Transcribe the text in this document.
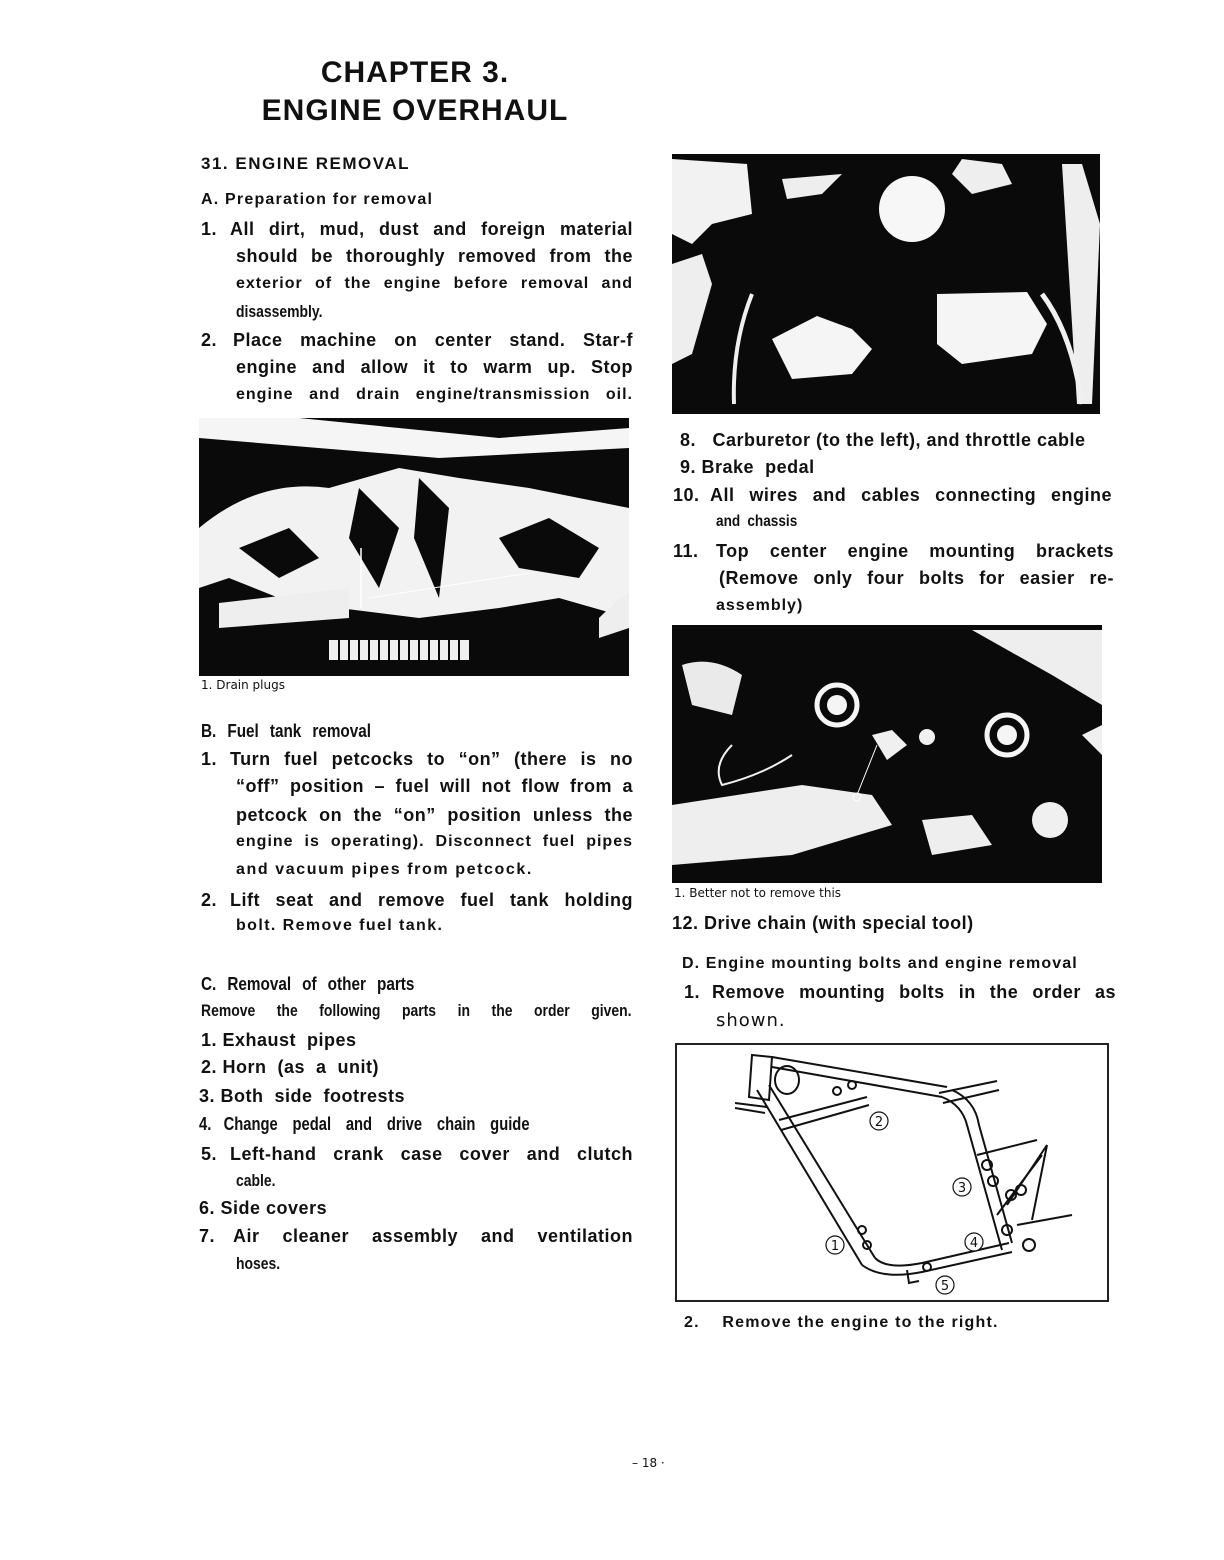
CHAPTER 3.
ENGINE OVERHAUL
31. ENGINE REMOVAL
A. Preparation for removal
1. All dirt, mud, dust and foreign material
should be thoroughly removed from the
exterior of the engine before removal and
disassembly.
2. Place machine on center stand. Star-f
engine and allow it to warm up. Stop
engine and drain engine/transmission oil.
1. Drain plugs
B. Fuel tank removal
1. Turn fuel petcocks to “on” (there is no
“off” position – fuel will not flow from a
petcock on the “on” position unless the
engine is operating). Disconnect fuel pipes
and vacuum pipes from petcock.
2. Lift seat and remove fuel tank holding
bolt. Remove fuel tank.
C. Removal of other parts
Remove the following parts in the order given.
1. Exhaust  pipes
2. Horn  (as  a  unit)
3. Both  side  footrests
4. Change  pedal  and  drive  chain  guide
5. Left-hand crank case cover and clutch
cable.
6. Side covers
7. Air cleaner assembly and ventilation
hoses.
8. Carburetor (to the left), and throttle cable
9. Brake  pedal
10. All wires and cables connecting engine
and chassis
11. Top center engine mounting brackets
(Remove only four bolts for easier re-
assembly)
1. Better not to remove this
12. Drive chain (with special tool)
D. Engine mounting bolts and engine removal
1. Remove mounting bolts in the order as
shown.
2
3
1	4
5
2. Remove the engine to the right.
– 18 ·
